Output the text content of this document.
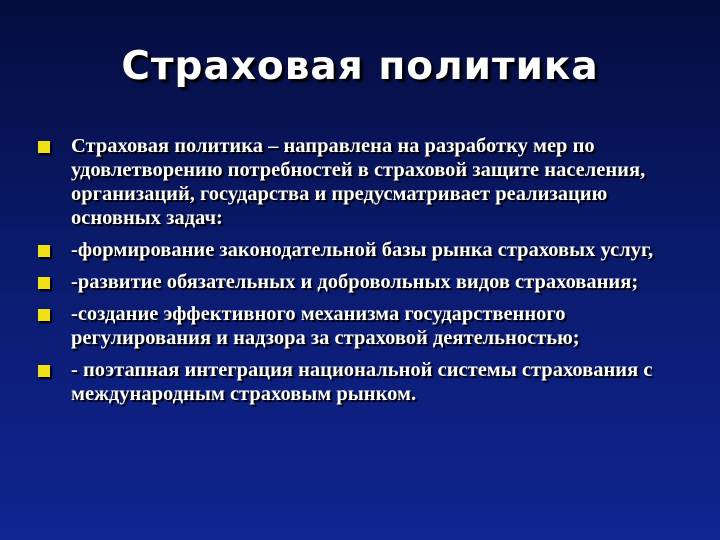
Страховая политика
Страховая политика – направлена на разработку мер по удовлетворению потребностей в страховой защите населения, организаций, государства и предусматривает реализацию основных задач:
-формирование законодательной базы рынка страховых услуг,
-развитие обязательных и добровольных видов страхования;
-создание эффективного механизма государственного регулирования и надзора за страховой деятельностью;
- поэтапная интеграция национальной системы страхования с международным страховым рынком.
